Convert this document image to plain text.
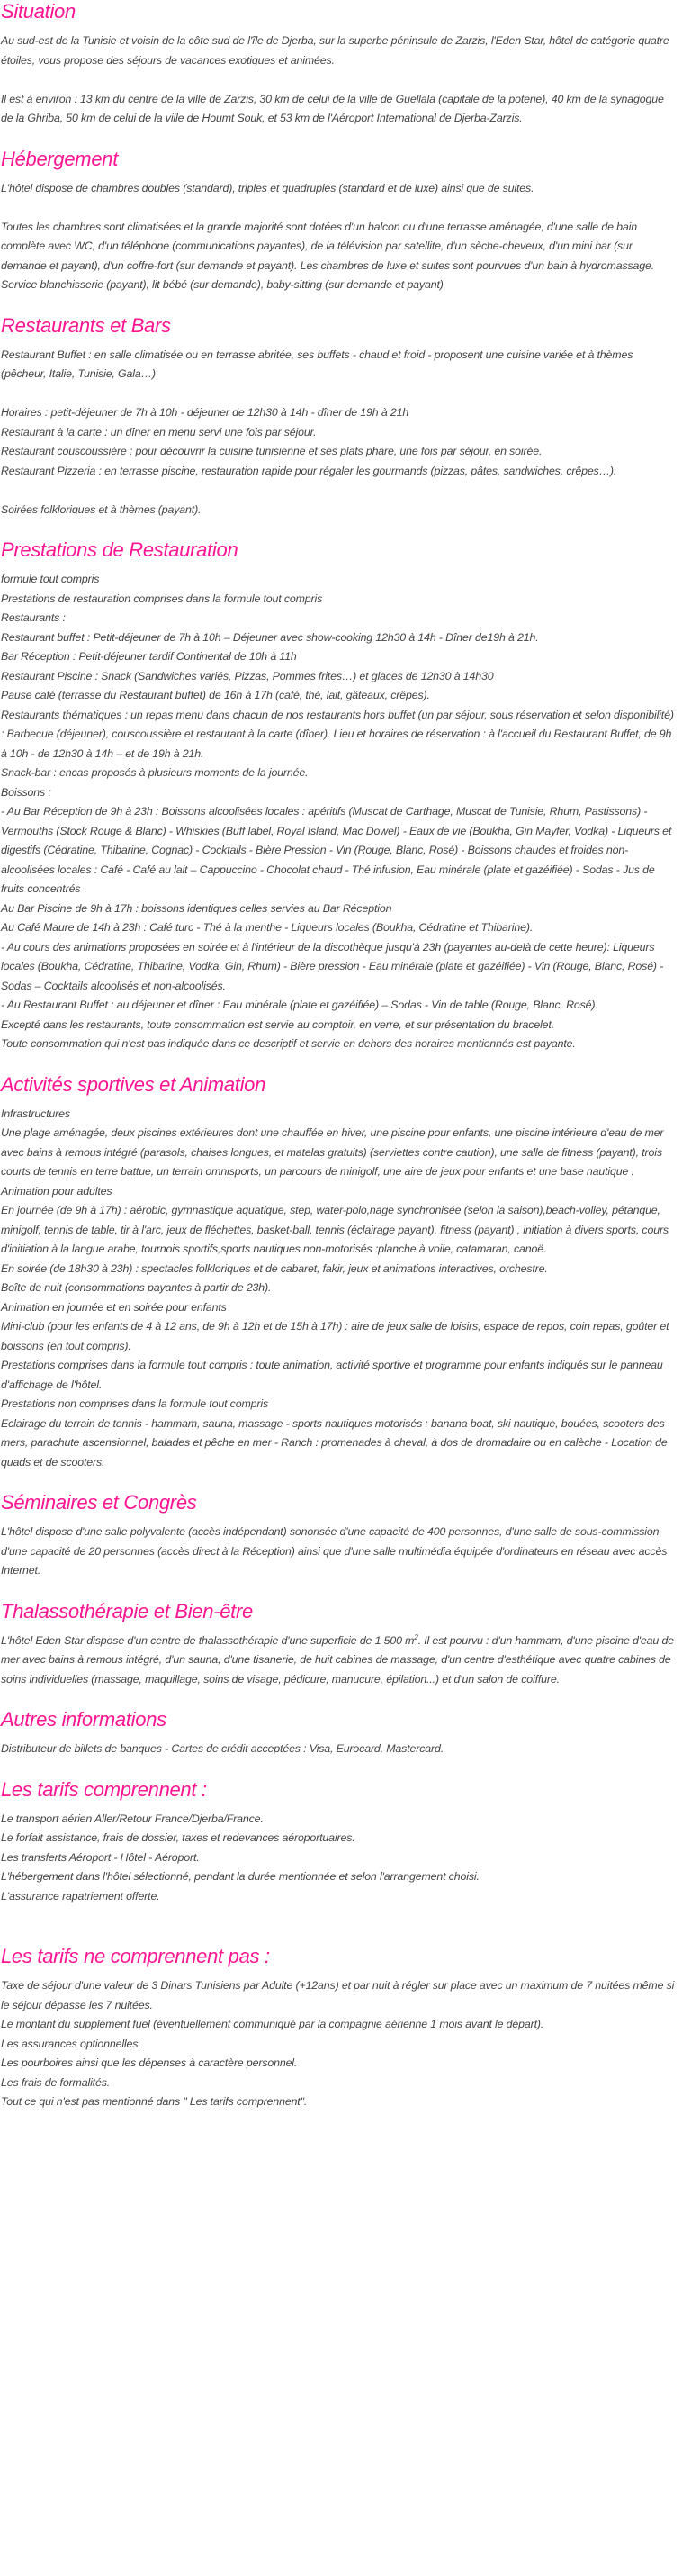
Situation

Au sud-est de la Tunisie et voisin de la côte sud de l'île de Djerba, sur la superbe péninsule de Zarzis, l'Eden Star, hôtel de catégorie quatre étoiles, vous propose des séjours de vacances exotiques et animées.

Il est à environ : 13 km du centre de la ville de Zarzis, 30 km de celui de la ville de Guellala (capitale de la poterie), 40 km de la synagogue de la Ghriba, 50 km de celui de la ville de Houmt Souk, et 53 km de l'Aéroport International de Djerba-Zarzis.

Hébergement

L'hôtel dispose de chambres doubles (standard), triples et quadruples (standard et de luxe) ainsi que de suites.

Toutes les chambres sont climatisées et la grande majorité sont dotées d'un balcon ou d'une terrasse aménagée, d'une salle de bain complète avec WC, d'un téléphone (communications payantes), de la télévision par satellite, d'un sèche-cheveux, d'un mini bar (sur demande et payant), d'un coffre-fort (sur demande et payant). Les chambres de luxe et suites sont pourvues d'un bain à hydromassage. Service blanchisserie (payant), lit bébé (sur demande), baby-sitting (sur demande et payant)

Restaurants et Bars

Restaurant Buffet : en salle climatisée ou en terrasse abritée, ses buffets - chaud et froid - proposent une cuisine variée et à thèmes (pêcheur, Italie, Tunisie, Gala…)

Horaires : petit-déjeuner de 7h à 10h - déjeuner de 12h30 à 14h - dîner de 19h à 21h

Restaurant à la carte : un dîner en menu servi une fois par séjour.

Restaurant couscoussière : pour découvrir la cuisine tunisienne et ses plats phare, une fois par séjour, en soirée.

Restaurant Pizzeria : en terrasse piscine, restauration rapide pour régaler les gourmands (pizzas, pâtes, sandwiches, crêpes…).

Soirées folkloriques et à thèmes (payant).

Prestations de Restauration

formule tout compris

Prestations de restauration comprises dans la formule tout compris

Restaurants :

Restaurant buffet : Petit-déjeuner de 7h à 10h – Déjeuner avec show-cooking 12h30 à 14h - Dîner de19h à 21h.

Bar Réception : Petit-déjeuner tardif Continental de 10h à 11h

Restaurant Piscine : Snack (Sandwiches variés, Pizzas, Pommes frites…) et glaces de 12h30 à 14h30

Pause café (terrasse du Restaurant buffet) de 16h à 17h (café, thé, lait, gâteaux, crêpes).

Restaurants thématiques : un repas menu dans chacun de nos restaurants hors buffet (un par séjour, sous réservation et selon disponibilité) : Barbecue (déjeuner), couscoussière et restaurant à la carte (dîner). Lieu et horaires de réservation : à l'accueil du Restaurant Buffet, de 9h à 10h - de 12h30 à 14h – et de 19h à 21h.

Snack-bar : encas proposés à plusieurs moments de la journée.

Boissons :

- Au Bar Réception de 9h à 23h : Boissons alcoolisées locales : apéritifs (Muscat de Carthage, Muscat de Tunisie, Rhum, Pastissons) - Vermouths (Stock Rouge & Blanc) - Whiskies (Buff label, Royal Island, Mac Dowel) - Eaux de vie (Boukha, Gin Mayfer, Vodka) - Liqueurs et digestifs (Cédratine, Thibarine, Cognac) - Cocktails - Bière Pression - Vin (Rouge, Blanc, Rosé) - Boissons chaudes et froides non-alcoolisées locales : Café - Café au lait – Cappuccino - Chocolat chaud - Thé infusion, Eau minérale (plate et gazéifiée) - Sodas - Jus de fruits concentrés

Au Bar Piscine de 9h à 17h : boissons identiques celles servies au Bar Réception

Au Café Maure de 14h à 23h : Café turc - Thé à la menthe - Liqueurs locales (Boukha, Cédratine et Thibarine).

- Au cours des animations proposées en soirée et à l'intérieur de la discothèque jusqu'à 23h (payantes au-delà de cette heure): Liqueurs locales (Boukha, Cédratine, Thibarine, Vodka, Gin, Rhum) - Bière pression - Eau minérale (plate et gazéifiée) - Vin (Rouge, Blanc, Rosé) - Sodas – Cocktails alcoolisés et non-alcoolisés.

- Au Restaurant Buffet : au déjeuner et dîner : Eau minérale (plate et gazéifiée) – Sodas - Vin de table (Rouge, Blanc, Rosé).

Excepté dans les restaurants, toute consommation est servie au comptoir, en verre, et sur présentation du bracelet.

Toute consommation qui n'est pas indiquée dans ce descriptif et servie en dehors des horaires mentionnés est payante.

Activités sportives et Animation

Infrastructures

Une plage aménagée, deux piscines extérieures dont une chauffée en hiver, une piscine pour enfants, une piscine intérieure d'eau de mer avec bains à remous intégré (parasols, chaises longues, et matelas gratuits) (serviettes contre caution), une salle de fitness (payant), trois courts de tennis en terre battue, un terrain omnisports, un parcours de minigolf, une aire de jeux pour enfants et une base nautique .

Animation pour adultes

En journée (de 9h à 17h) : aérobic, gymnastique aquatique, step, water-polo,nage synchronisée (selon la saison),beach-volley, pétanque, minigolf, tennis de table, tir à l'arc, jeux de fléchettes, basket-ball, tennis (éclairage payant), fitness (payant) , initiation à divers sports, cours d'initiation à la langue arabe, tournois sportifs,sports nautiques non-motorisés :planche à voile, catamaran, canoë.

En soirée (de 18h30 à 23h) : spectacles folkloriques et de cabaret, fakir, jeux et animations interactives, orchestre.

Boîte de nuit (consommations payantes à partir de 23h).

Animation en journée et en soirée pour enfants

Mini-club (pour les enfants de 4 à 12 ans, de 9h à 12h et de 15h à 17h) : aire de jeux salle de loisirs, espace de repos, coin repas, goûter et boissons (en tout compris).

Prestations comprises dans la formule tout compris : toute animation, activité sportive et programme pour enfants indiqués sur le panneau d'affichage de l'hôtel.

Prestations non comprises dans la formule tout compris

Eclairage du terrain de tennis - hammam, sauna, massage - sports nautiques motorisés : banana boat, ski nautique, bouées, scooters des mers, parachute ascensionnel, balades et pêche en mer - Ranch : promenades à cheval, à dos de dromadaire ou en calèche - Location de quads et de scooters.

Séminaires et Congrès

L'hôtel dispose d'une salle polyvalente (accès indépendant) sonorisée d'une capacité de 400 personnes, d'une salle de sous-commission d'une capacité de 20 personnes (accès direct à la Réception) ainsi que d'une salle multimédia équipée d'ordinateurs en réseau avec accès Internet.

Thalassothérapie et Bien-être

L'hôtel Eden Star dispose d'un centre de thalassothérapie d'une superficie de 1 500 $m^2$. Il est pourvu : d'un hammam, d'une piscine d'eau de mer avec bains à remous intégré, d'un sauna, d'une tisanerie, de huit cabines de massage, d'un centre d'esthétique avec quatre cabines de soins individuelles (massage, maquillage, soins de visage, pédicure, manucure, épilation...) et d'un salon de coiffure.

Autres informations

Distributeur de billets de banques - Cartes de crédit acceptées : Visa, Eurocard, Mastercard.

Les tarifs comprennent :

Le transport aérien Aller/Retour France/Djerba/France.

Le forfait assistance, frais de dossier, taxes et redevances aéroportuaires.

Les transferts Aéroport - Hôtel - Aéroport.

L'hébergement dans l'hôtel sélectionné, pendant la durée mentionnée et selon l'arrangement choisi.

L'assurance rapatriement offerte.

Les tarifs ne comprennent pas :

Taxe de séjour d'une valeur de 3 Dinars Tunisiens par Adulte (+12ans) et par nuit à régler sur place avec un maximum de 7 nuitées même si le séjour dépasse les 7 nuitées.

Le montant du supplément fuel (éventuellement communiqué par la compagnie aérienne 1 mois avant le départ).

Les assurances optionnelles.

Les pourboires ainsi que les dépenses à caractère personnel.

Les frais de formalités.

Tout ce qui n'est pas mentionné dans " Les tarifs comprennent".
